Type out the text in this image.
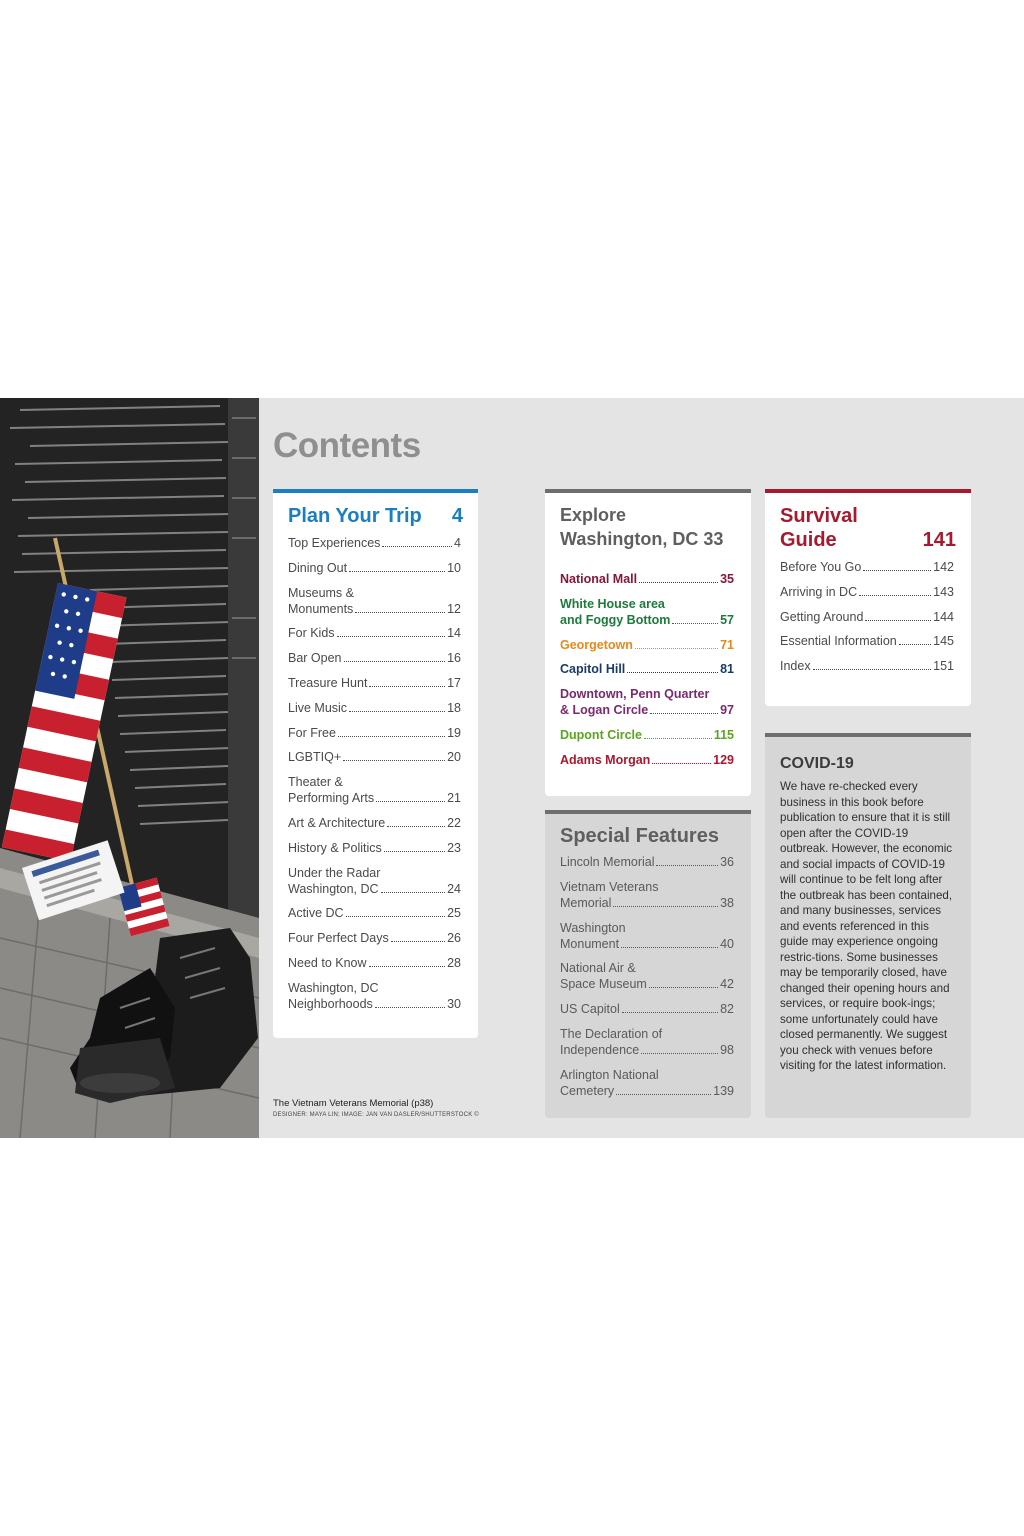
Contents
Plan Your Trip 4
Top Experiences	4
Dining Out	10
Museums &
Monuments	12
For Kids	14
Bar Open	16
Treasure Hunt	17
Live Music	18
For Free	19
LGBTIQ+	20
Theater &
Performing Arts	21
Art & Architecture	22
History & Politics	23
Under the Radar
Washington, DC	24
Active DC	25
Four Perfect Days	26
Need to Know	28
Washington, DC
Neighborhoods	30
Explore
Washington, DC 33
National Mall	35
White House area
and Foggy Bottom	57
Georgetown	71
Capitol Hill	81
Downtown, Penn Quarter
& Logan Circle	97
Dupont Circle	115
Adams Morgan	129
Special Features
Lincoln Memorial	36
Vietnam Veterans
Memorial	38
Washington
Monument	40
National Air &
Space Museum	42
US Capitol	82
The Declaration of
Independence	98
Arlington National
Cemetery	139
Survival
Guide	141
Before You Go	142
Arriving in DC	143
Getting Around	144
Essential Information	145
Index	151
COVID-19

We have re-checked every business in this book before publication to ensure that it is still open after the COVID-19 outbreak. However, the economic and social impacts of COVID-19 will continue to be felt long after the outbreak has been contained, and many businesses, services and events referenced in this guide may experience ongoing restric-tions. Some businesses may be temporarily closed, have changed their opening hours and services, or require book-ings; some unfortunately could have closed permanently. We suggest you check with venues before visiting for the latest information.

The Vietnam Veterans Memorial (p38)
DESIGNER: MAYA LIN; IMAGE: JAN VAN DASLER/SHUTTERSTOCK ©
